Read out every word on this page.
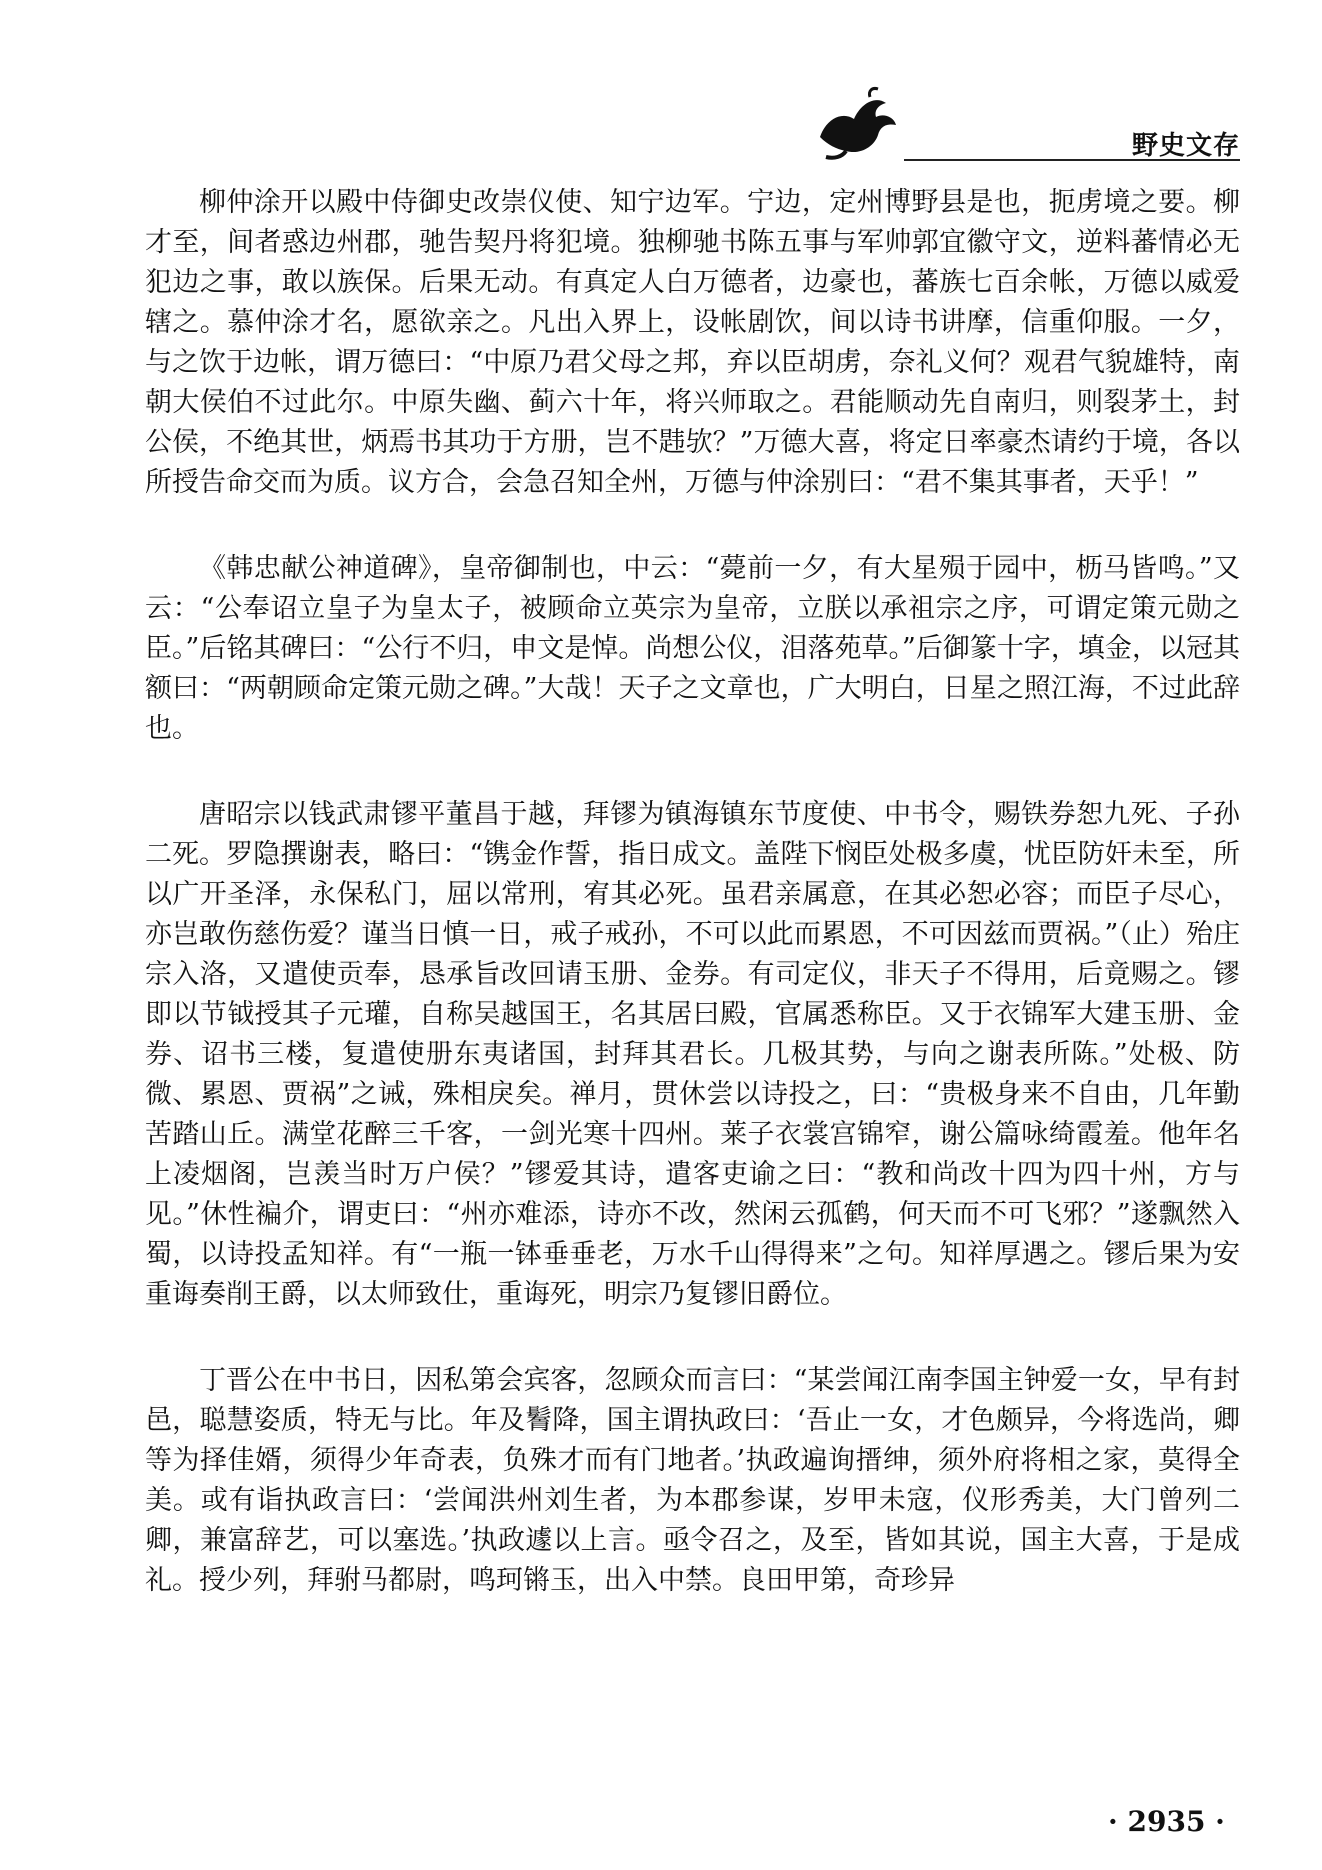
野史文存

柳仲涂开以殿中侍御史改崇仪使、知宁边军。宁边，定州博野县是也，扼虏境之要。柳才至，间者惑边州郡，驰告契丹将犯境。独柳驰书陈五事与军帅郭宜徽守文，逆料蕃情必无犯边之事，敢以族保。后果无动。有真定人白万德者，边豪也，蕃族七百余帐，万德以威爱辖之。慕仲涂才名，愿欲亲之。凡出入界上，设帐剧饮，间以诗书讲摩，信重仰服。一夕，与之饮于边帐，谓万德曰：“中原乃君父母之邦，弃以臣胡虏，奈礼义何？观君气貌雄特，南朝大侯伯不过此尔。中原失幽、蓟六十年，将兴师取之。君能顺动先自南归，则裂茅土，封公侯，不绝其世，炳焉书其功于方册，岂不韪欤？”万德大喜，将定日率豪杰请约于境，各以所授告命交而为质。议方合，会急召知全州，万德与仲涂别曰：“君不集其事者，天乎！”

《韩忠献公神道碑》，皇帝御制也，中云：“薨前一夕，有大星殒于园中，枥马皆鸣。”又云：“公奉诏立皇子为皇太子，被顾命立英宗为皇帝，立朕以承祖宗之序，可谓定策元勋之臣。”后铭其碑曰：“公行不归，申文是悼。尚想公仪，泪落苑草。”后御篆十字，填金，以冠其额曰：“两朝顾命定策元勋之碑。”大哉！天子之文章也，广大明白，日星之照江海，不过此辞也。

唐昭宗以钱武肃镠平董昌于越，拜镠为镇海镇东节度使、中书令，赐铁券恕九死、子孙二死。罗隐撰谢表，略曰：“镌金作誓，指日成文。盖陛下悯臣处极多虞，忧臣防奸未至，所以广开圣泽，永保私门，屈以常刑，宥其必死。虽君亲属意，在其必恕必容；而臣子尽心，亦岂敢伤慈伤爱？谨当日慎一日，戒子戒孙，不可以此而累恩，不可因兹而贾祸。”（止）殆庄宗入洛，又遣使贡奉，恳承旨改回请玉册、金券。有司定仪，非天子不得用，后竟赐之。镠即以节钺授其子元瓘，自称吴越国王，名其居曰殿，官属悉称臣。又于衣锦军大建玉册、金券、诏书三楼，复遣使册东夷诸国，封拜其君长。几极其势，与向之谢表所陈。”处极、防微、累恩、贾祸”之诫，殊相戾矣。禅月，贯休尝以诗投之，曰：“贵极身来不自由，几年勤苦踏山丘。满堂花醉三千客，一剑光寒十四州。莱子衣裳宫锦窄，谢公篇咏绮霞羞。他年名上凌烟阁，岂羡当时万户侯？”镠爱其诗，遣客吏谕之曰：“教和尚改十四为四十州，方与见。”休性褊介，谓吏曰：“州亦难添，诗亦不改，然闲云孤鹤，何天而不可飞邪？”遂飘然入蜀，以诗投孟知祥。有“一瓶一钵垂垂老，万水千山得得来”之句。知祥厚遇之。镠后果为安重诲奏削王爵，以太师致仕，重诲死，明宗乃复镠旧爵位。

丁晋公在中书日，因私第会宾客，忽顾众而言曰：“某尝闻江南李国主钟爱一女，早有封邑，聪慧姿质，特无与比。年及鬌降，国主谓执政曰：‘吾止一女，才色颇异，今将选尚，卿等为择佳婿，须得少年奇表，负殊才而有门地者。’执政遍询搢绅，须外府将相之家，莫得全美。或有诣执政言曰：‘尝闻洪州刘生者，为本郡参谋，岁甲未寇，仪形秀美，大门曾列二卿，兼富辞艺，可以塞选。’执政遽以上言。亟令召之，及至，皆如其说，国主大喜，于是成礼。授少列，拜驸马都尉，鸣珂锵玉，出入中禁。良田甲第，奇珍异

· 2935 ·
